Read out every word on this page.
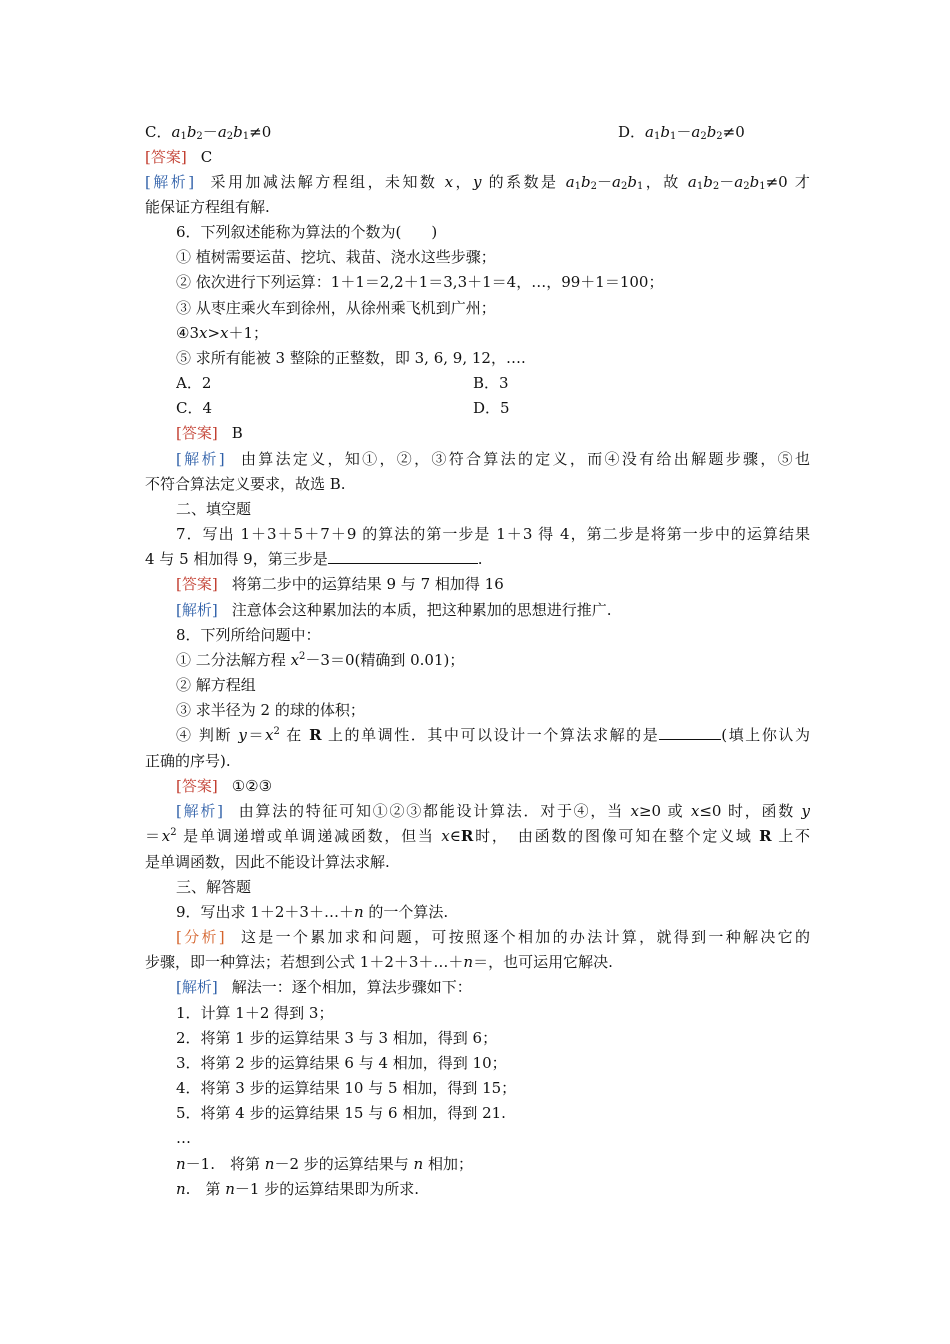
C．$a_1b_2-a_2b_1\ne 0$	D．$a_1b_1-a_2b_2\ne 0$
[答案] C
[解析] 采用加减法解方程组，未知数 x，y 的系数是 $a_1b_2-a_2b_1$，故 $a_1b_2-a_2b_1\ne 0$ 才
能保证方程组有解.
6．下列叙述能称为算法的个数为(　　)
① 植树需要运苗、挖坑、栽苗、浇水这些步骤；
② 依次进行下列运算：1＋1＝2,2＋1＝3,3＋1＝4，…，99＋1＝100；
③ 从枣庄乘火车到徐州，从徐州乘飞机到广州；
④3x>x＋1；
⑤ 求所有能被 3 整除的正整数，即 3, 6, 9, 12，….
A．2	B．3
C．4	D．5
[答案] B
[解析] 由算法定义，知①，②，③符合算法的定义，而④没有给出解题步骤，⑤也
不符合算法定义要求，故选 B.
二、填空题
7．写出 1＋3＋5＋7＋9 的算法的第一步是 1＋3 得 4，第二步是将第一步中的运算结果
4 与 5 相加得 9，第三步是	.
[答案] 将第二步中的运算结果 9 与 7 相加得 16
[解析] 注意体会这种累加法的本质，把这种累加的思想进行推广.
8．下列所给问题中：
① 二分法解方程 $x^2-3=0$(精确到 0.01)；
② 解方程组
③ 求半径为 2 的球的体积；
④ 判断 $y=x^2$ 在 R 上的单调性．其中可以设计一个算法求解的是	(填上你认为
正确的序号).
[答案] ①②③
[解析] 由算法的特征可知①②③都能设计算法．对于④，当 x≥0 或 x≤0 时，函数 y
$=x^2$ 是单调递增或单调递减函数，但当 x∈R时，　由函数的图像可知在整个定义域 R 上不
是单调函数，因此不能设计算法求解.
三、解答题
9．写出求 1＋2＋3＋…＋n 的一个算法.
[分析] 这是一个累加求和问题，可按照逐个相加的办法计算，就得到一种解决它的
步骤，即一种算法；若想到公式 1＋2＋3＋…＋n＝，也可运用它解决.
[解析] 解法一：逐个相加，算法步骤如下：
1．计算 1＋2 得到 3；
2．将第 1 步的运算结果 3 与 3 相加，得到 6；
3．将第 2 步的运算结果 6 与 4 相加，得到 10；
4．将第 3 步的运算结果 10 与 5 相加，得到 15；
5．将第 4 步的运算结果 15 与 6 相加，得到 21.
…
n－1.　将第 n－2 步的运算结果与 n 相加；
n.　第 n－1 步的运算结果即为所求.
